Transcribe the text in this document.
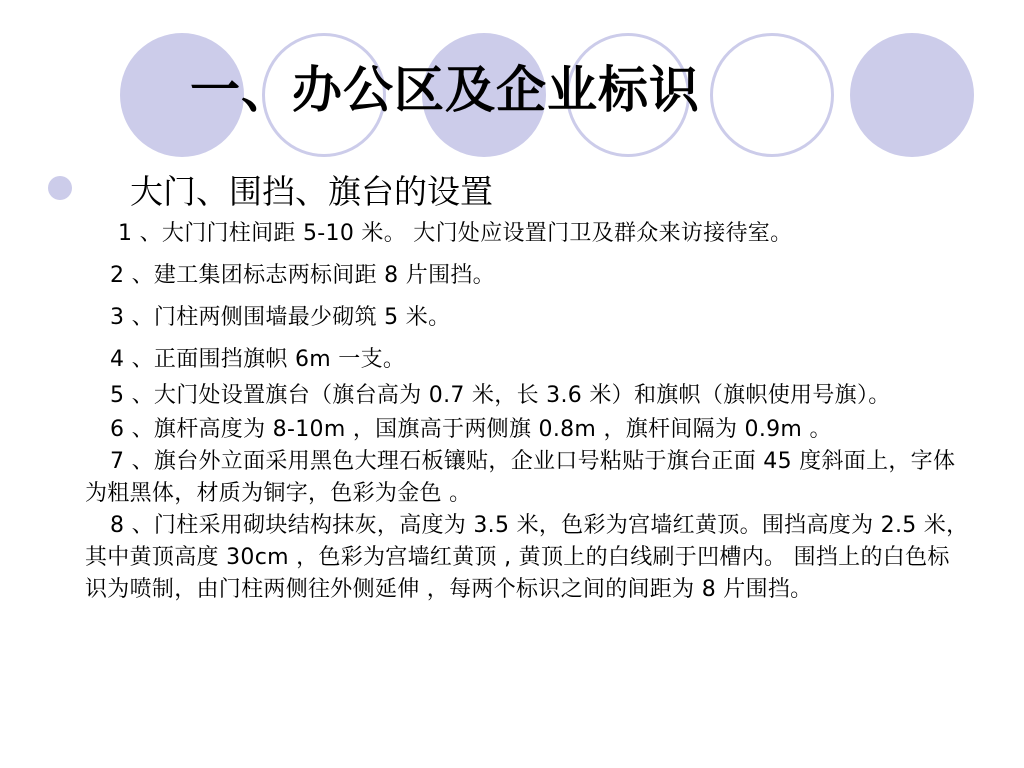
一、办公区及企业标识
大门、围挡、旗台的设置

1 、大门门柱间距 5-10 米。 大门处应设置门卫及群众来访接待室。

2 、建工集团标志两标间距 8 片围挡。

3 、门柱两侧围墙最少砌筑 5 米。

4 、正面围挡旗帜 6m 一支。

5 、大门处设置旗台（旗台高为 0.7 米，长 3.6 米）和旗帜（旗帜使用号旗）。

6 、旗杆高度为 8-10m ，国旗高于两侧旗 0.8m ，旗杆间隔为 0.9m 。

7 、旗台外立面采用黑色大理石板镶贴，企业口号粘贴于旗台正面 45 度斜面上，字体为粗黑体，材质为铜字，色彩为金色 。

8 、门柱采用砌块结构抹灰，高度为 3.5 米，色彩为宫墙红黄顶。围挡高度为 2.5 米，其中黄顶高度 30cm ，色彩为宫墙红黄顶 , 黄顶上的白线刷于凹槽内。 围挡上的白色标识为喷制，由门柱两侧往外侧延伸 ，每两个标识之间的间距为 8 片围挡。
